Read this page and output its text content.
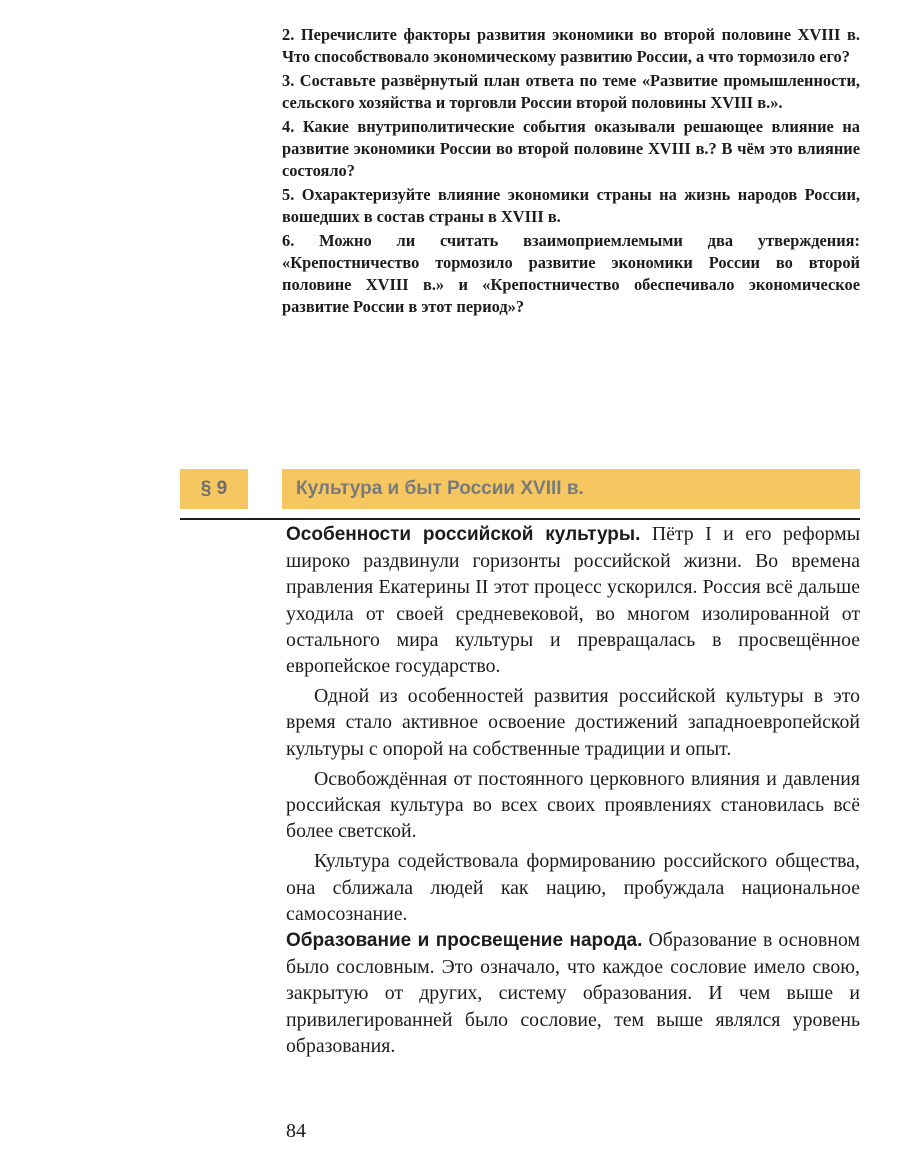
2. Перечислите факторы развития экономики во второй половине XVIII в. Что способствовало экономическому развитию России, а что тормозило его?

3. Составьте развёрнутый план ответа по теме «Развитие промышленности, сельского хозяйства и торговли России второй половины XVIII в.».

4. Какие внутриполитические события оказывали решающее влияние на развитие экономики России во второй половине XVIII в.? В чём это влияние состояло?

5. Охарактеризуйте влияние экономики страны на жизнь народов России, вошедших в состав страны в XVIII в.

6. Можно ли считать взаимоприемлемыми два утверждения: «Крепостничество тормозило развитие экономики России во второй половине XVIII в.» и «Крепостничество обеспечивало экономическое развитие России в этот период»?

§ 9	Культура и быт России XVIII в.

Особенности российской культуры. Пётр I и его реформы широко раздвинули горизонты российской жизни. Во времена правления Екатерины II этот процесс ускорился. Россия всё дальше уходила от своей средневековой, во многом изолированной от остального мира культуры и превращалась в просвещённое европейское государство.

Одной из особенностей развития российской культуры в это время стало активное освоение достижений западноевропейской культуры с опорой на собственные традиции и опыт.

Освобождённая от постоянного церковного влияния и давления российская культура во всех своих проявлениях становилась всё более светской.

Культура содействовала формированию российского общества, она сближала людей как нацию, пробуждала национальное самосознание.

Образование и просвещение народа. Образование в основном было сословным. Это означало, что каждое сословие имело свою, закрытую от других, систему образования. И чем выше и привилегированней было сословие, тем выше являлся уровень образования.

84
